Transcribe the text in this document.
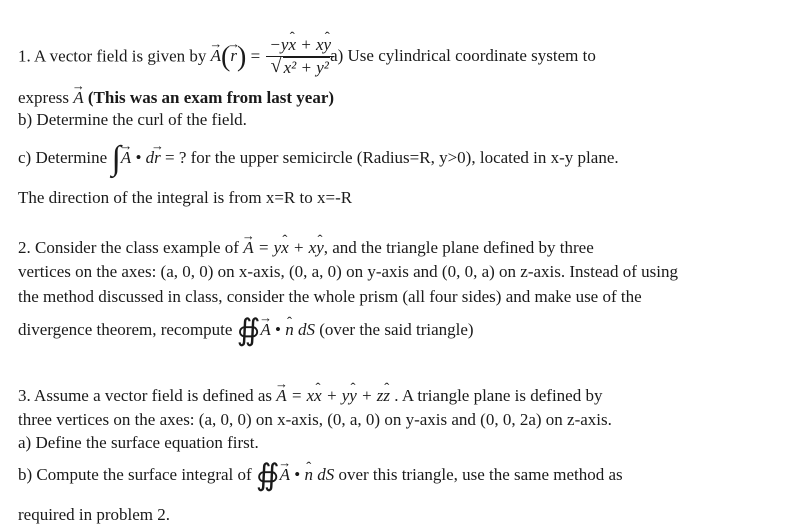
1. A vector field is given by → $A(\to r) = \frac{\text{−yˆ x + xˆ y}}{\text{√ x² + y²}}$
a) Use cylindrical coordinate system to
express → A (This was an exam from last year)
b) Determine the curl of the field.
c) Determine ∫→ A • d→ r = ? for the upper semicircle (Radius=R, y>0), located in x-y plane.
The direction of the integral is from x=R to x=-R
2. Consider the class example of → A = yˆ x + xˆ y, and the triangle plane defined by three
vertices on the axes: (a, 0, 0) on x-axis, (0, a, 0) on y-axis and (0, 0, a) on z-axis. Instead of using
the method discussed in class, consider the whole prism (all four sides) and make use of the
divergence theorem, recompute ∯→ A • ˆ n dS (over the said triangle)
3. Assume a vector field is defined as → A = xˆ x + yˆ y + zˆ z . A triangle plane is defined by
three vertices on the axes: (a, 0, 0) on x-axis, (0, a, 0) on y-axis and (0, 0, 2a) on z-axis.
a) Define the surface equation first.
b) Compute the surface integral of ∯→ A • ˆ n dS over this triangle, use the same method as
required in problem 2.
